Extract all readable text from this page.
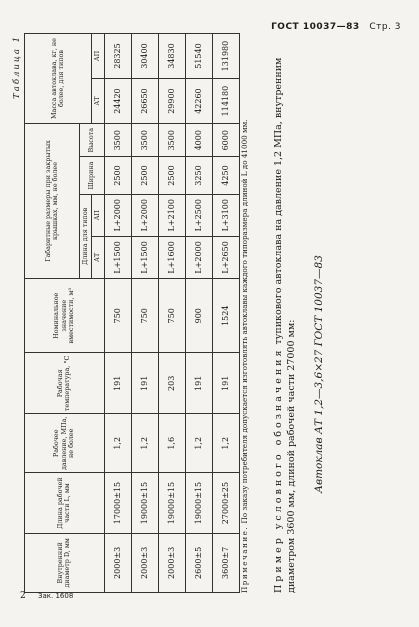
ГОСТ 10037—83 Стр. 3
Таблица 1
Внутренний диаметр D, мм	Длина рабочей части L, мм	Рабочее давление, МПа, не более	Рабочая температура, °С	Номинальное значение вместимости, м³	Габаритные размеры при закрытых крышках, мм, не более				Масса автоклава, кг, не более, для типов	
					Длина для типов		Ширина	Высота		
					АТ	АП			АТ	АП
2000±3	17000±15	1,2	191	750	L+1500	L+2000	2500	3500	24420	28325
2000±3	19000±15	1,2	191	750	L+1500	L+2000	2500	3500	26650	30400
2000±3	19000±15	1,6	203	750	L+1600	L+2100	2500	3500	29900	34830
2600±5	19000±15	1,2	191	900	L+2000	L+2500	3250	4000	42260	51540
3600±7	27000±25	1,2	191	1524	L+2650	L+3100	4250	6000	114180	131980
Примечание. По заказу потребителя допускается изготовлять автоклавы каждого типоразмера длиной L до 41000 мм.	Пример условного обозначения тупикового автоклава на давление 1,2 МПа, внутренним диаметром 3600 мм, длиной рабочей части 27000 мм: Автоклав АТ 1,2—3,6×27 ГОСТ 10037—83
2 Зак. 1608
